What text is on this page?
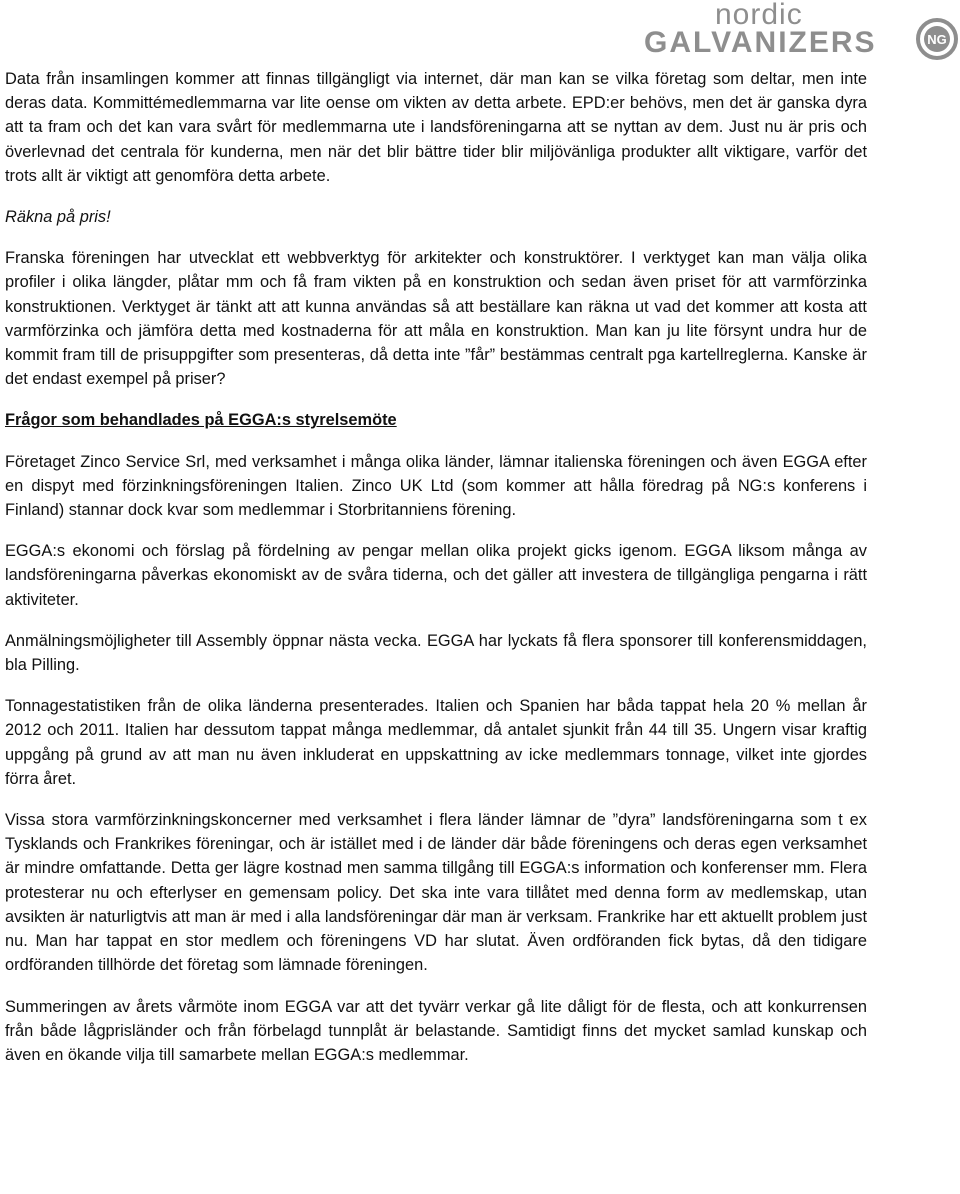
nordic
GALVANIZERS	NG

Data från insamlingen kommer att finnas tillgängligt via internet, där man kan se vilka företag som deltar, men inte deras data. Kommittémedlemmarna var lite oense om vikten av detta arbete. EPD:er behövs, men det är ganska dyra att ta fram och det kan vara svårt för medlemmarna ute i landsföreningarna att se nyttan av dem. Just nu är pris och överlevnad det centrala för kunderna, men när det blir bättre tider blir miljövänliga produkter allt viktigare, varför det trots allt är viktigt att genomföra detta arbete.

Räkna på pris!

Franska föreningen har utvecklat ett webbverktyg för arkitekter och konstruktörer. I verktyget kan man välja olika profiler i olika längder, plåtar mm och få fram vikten på en konstruktion och sedan även priset för att varmförzinka konstruktionen. Verktyget är tänkt att att kunna användas så att beställare kan räkna ut vad det kommer att kosta att varmförzinka och jämföra detta med kostnaderna för att måla en konstruktion. Man kan ju lite försynt undra hur de kommit fram till de prisuppgifter som presenteras, då detta inte ”får” bestämmas centralt pga kartellreglerna. Kanske är det endast exempel på priser?

Frågor som behandlades på EGGA:s styrelsemöte

Företaget Zinco Service Srl, med verksamhet i många olika länder, lämnar italienska föreningen och även EGGA efter en dispyt med förzinkningsföreningen Italien. Zinco UK Ltd (som kommer att hålla föredrag på NG:s konferens i Finland) stannar dock kvar som medlemmar i Storbritanniens förening.

EGGA:s ekonomi och förslag på fördelning av pengar mellan olika projekt gicks igenom. EGGA liksom många av landsföreningarna påverkas ekonomiskt av de svåra tiderna, och det gäller att investera de tillgängliga pengarna i rätt aktiviteter.

Anmälningsmöjligheter till Assembly öppnar nästa vecka. EGGA har lyckats få flera sponsorer till konferensmiddagen, bla Pilling.

Tonnagestatistiken från de olika länderna presenterades. Italien och Spanien har båda tappat hela 20 % mellan år 2012 och 2011. Italien har dessutom tappat många medlemmar, då antalet sjunkit från 44 till 35. Ungern visar kraftig uppgång på grund av att man nu även inkluderat en uppskattning av icke medlemmars tonnage, vilket inte gjordes förra året.

Vissa stora varmförzinkningskoncerner med verksamhet i flera länder lämnar de ”dyra” landsföreningarna som t ex Tysklands och Frankrikes föreningar, och är istället med i de länder där både föreningens och deras egen verksamhet är mindre omfattande. Detta ger lägre kostnad men samma tillgång till EGGA:s information och konferenser mm. Flera protesterar nu och efterlyser en gemensam policy. Det ska inte vara tillåtet med denna form av medlemskap, utan avsikten är naturligtvis att man är med i alla landsföreningar där man är verksam. Frankrike har ett aktuellt problem just nu. Man har tappat en stor medlem och föreningens VD har slutat. Även ordföranden fick bytas, då den tidigare ordföranden tillhörde det företag som lämnade föreningen.

Summeringen av årets vårmöte inom EGGA var att det tyvärr verkar gå lite dåligt för de flesta, och att konkurrensen från både lågprisländer och från förbelagd tunnplåt är belastande. Samtidigt finns det mycket samlad kunskap och även en ökande vilja till samarbete mellan EGGA:s medlemmar.
